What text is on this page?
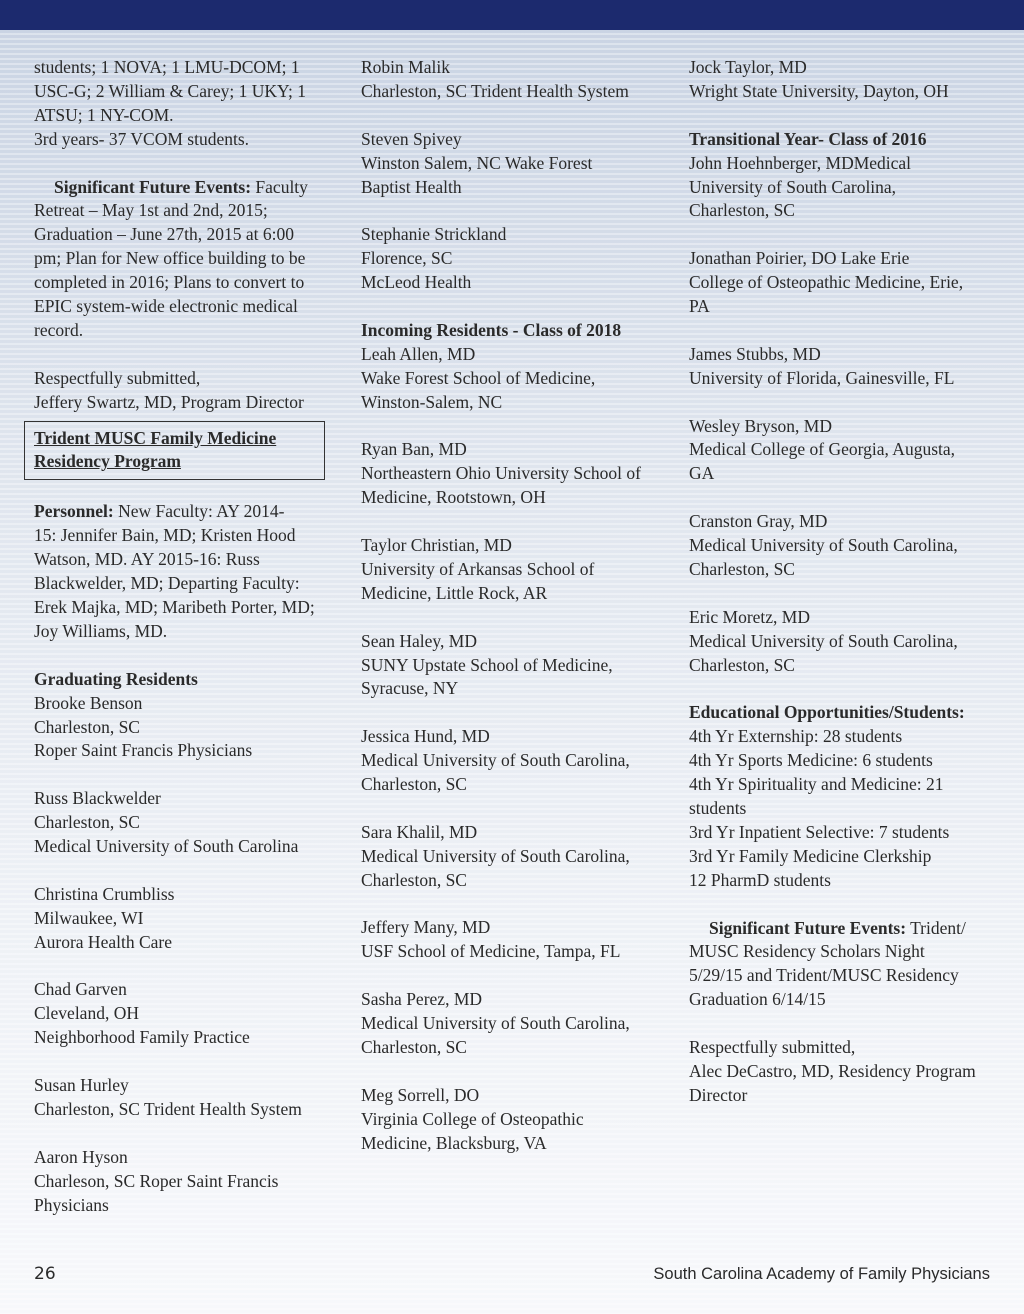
students; 1 NOVA; 1 LMU-DCOM; 1

USC-G; 2 William & Carey; 1 UKY; 1

ATSU; 1 NY-COM.

3rd years- 37 VCOM students.

Significant Future Events: Faculty

Retreat – May 1st and 2nd, 2015;

Graduation – June 27th, 2015 at 6:00

pm; Plan for New office building to be

completed in 2016; Plans to convert to

EPIC system-wide electronic medical

record.

Respectfully submitted,

Jeffery Swartz, MD, Program Director

Trident MUSC Family Medicine

Residency Program

Personnel: New Faculty: AY 2014-

15: Jennifer Bain, MD; Kristen Hood

Watson, MD. AY 2015-16: Russ

Blackwelder, MD; Departing Faculty:

Erek Majka, MD; Maribeth Porter, MD;

Joy Williams, MD.

Graduating Residents

Brooke Benson

Charleston, SC

Roper Saint Francis Physicians

Russ Blackwelder

Charleston, SC

Medical University of South Carolina

Christina Crumbliss

Milwaukee, WI

Aurora Health Care

Chad Garven

Cleveland, OH

Neighborhood Family Practice

Susan Hurley

Charleston, SC Trident Health System

Aaron Hyson

Charleson, SC Roper Saint Francis

Physicians

Robin Malik

Charleston, SC Trident Health System

Steven Spivey

Winston Salem, NC Wake Forest

Baptist Health

Stephanie Strickland

Florence, SC

McLeod Health

Incoming Residents - Class of 2018

Leah Allen, MD

Wake Forest School of Medicine,

Winston-Salem, NC

Ryan Ban, MD

Northeastern Ohio University School of

Medicine, Rootstown, OH

Taylor Christian, MD

University of Arkansas School of

Medicine, Little Rock, AR

Sean Haley, MD

SUNY Upstate School of Medicine,

Syracuse, NY

Jessica Hund, MD

Medical University of South Carolina,

Charleston, SC

Sara Khalil, MD

Medical University of South Carolina,

Charleston, SC

Jeffery Many, MD

USF School of Medicine, Tampa, FL

Sasha Perez, MD

Medical University of South Carolina,

Charleston, SC

Meg Sorrell, DO

Virginia College of Osteopathic

Medicine, Blacksburg, VA

Jock Taylor, MD

Wright State University, Dayton, OH

Transitional Year- Class of 2016

John Hoehnberger, MDMedical

University of South Carolina,

Charleston, SC

Jonathan Poirier, DO Lake Erie

College of Osteopathic Medicine, Erie,

PA

James Stubbs, MD

University of Florida, Gainesville, FL

Wesley Bryson, MD

Medical College of Georgia, Augusta,

GA

Cranston Gray, MD

Medical University of South Carolina,

Charleston, SC

Eric Moretz, MD

Medical University of South Carolina,

Charleston, SC

Educational Opportunities/Students:

4th Yr Externship: 28 students

4th Yr Sports Medicine: 6 students

4th Yr Spirituality and Medicine: 21

students

3rd Yr Inpatient Selective: 7 students

3rd Yr Family Medicine Clerkship

12 PharmD students

Significant Future Events: Trident/

MUSC Residency Scholars Night

5/29/15 and Trident/MUSC Residency

Graduation 6/14/15

Respectfully submitted,

Alec DeCastro, MD, Residency Program

Director

26	South Carolina Academy of Family Physicians
